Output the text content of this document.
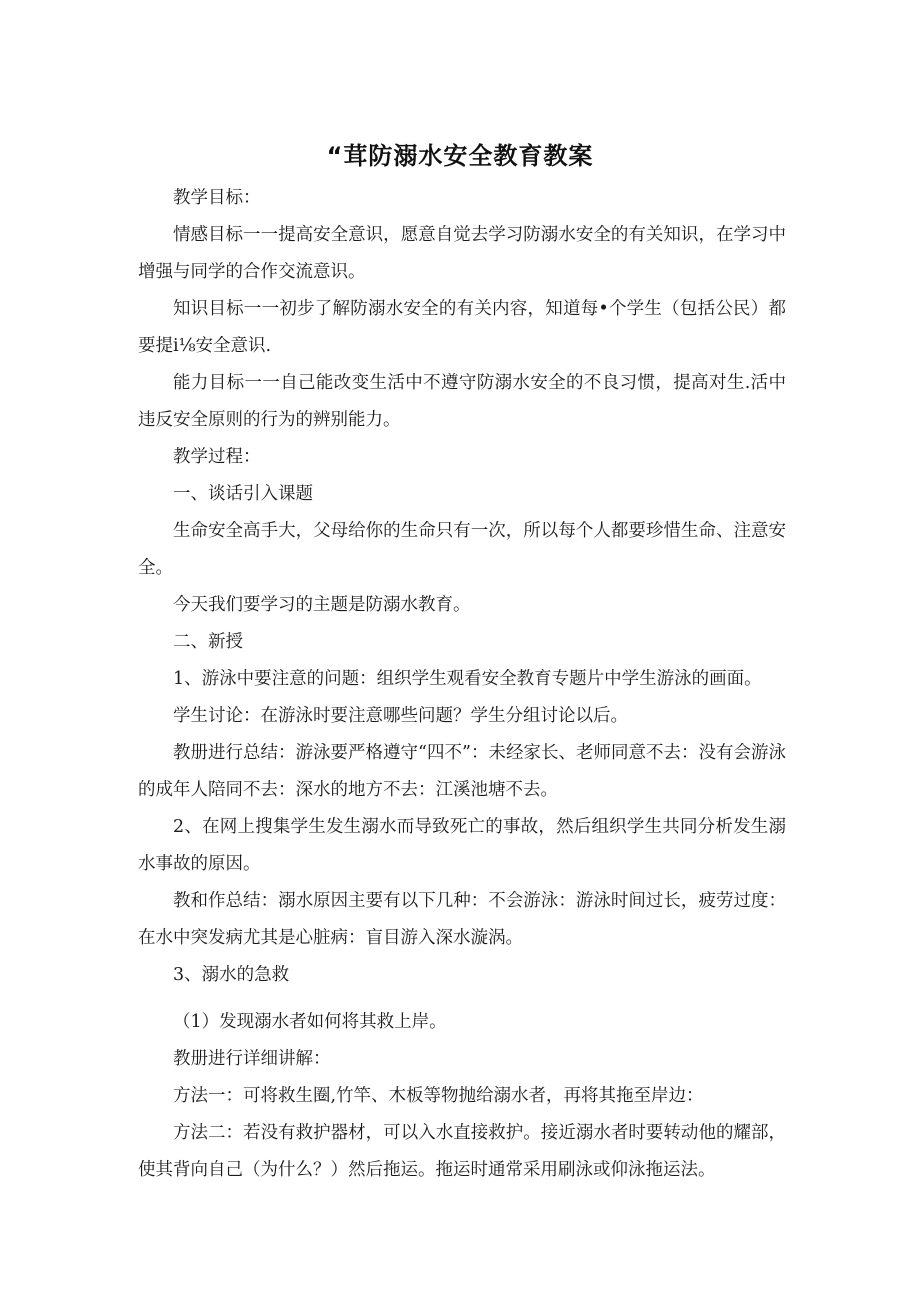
“茸防溺水安全教育教案

教学目标：

情感目标一一提高安全意识，愿意自觉去学习防溺水安全的有关知识，在学习中增强与同学的合作交流意识。

知识目标一一初步了解防溺水安全的有关内容，知道每•个学生（包括公民）都要提i⅛安全意识.

能力目标一一自己能改变生活中不遵守防溺水安全的不良习惯，提高对生.活中违反安全原则的行为的辨别能力。

教学过程：

一、谈话引入课题

生命安全高手大，父母给你的生命只有一次，所以每个人都要珍惜生命、注意安全。

今天我们要学习的主题是防溺水教育。

二、新授

1、游泳中要注意的问题：组织学生观看安全教育专题片中学生游泳的画面。

学生讨论：在游泳时要注意哪些问题？学生分组讨论以后。

教册进行总结：游泳要严格遵守“四不”：未经家长、老师同意不去：没有会游泳的成年人陪同不去：深水的地方不去：江溪池塘不去。

2、在网上搜集学生发生溺水而导致死亡的事故，然后组织学生共同分析发生溺水事故的原因。

教和作总结：溺水原因主要有以下几种：不会游泳：游泳时间过长，疲劳过度：在水中突发病尤其是心脏病：盲目游入深水漩涡。

3、溺水的急救

（1）发现溺水者如何将其救上岸。

教册进行详细讲解：

方法一：可将救生圈,竹竿、木板等物抛给溺水者，再将其拖至岸边：

方法二：若没有救护器材，可以入水直接救护。接近溺水者时要转动他的耀部，使其背向自己（为什么？）然后拖运。拖运时通常采用刷泳或仰泳拖运法。
